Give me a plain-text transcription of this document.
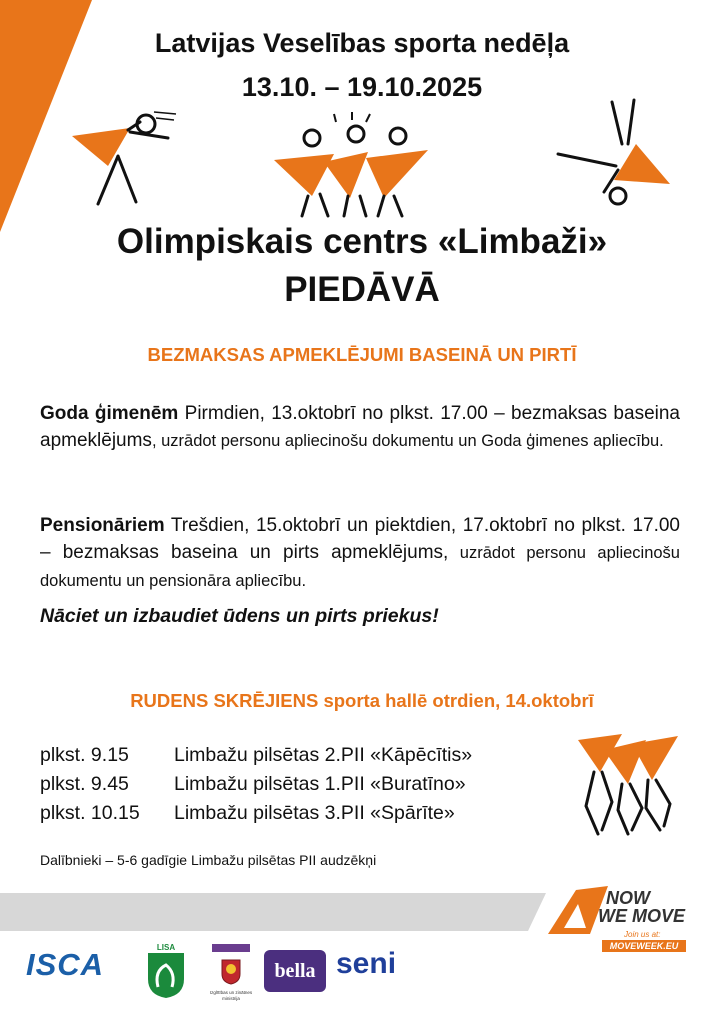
Latvijas Veselības sporta nedēļa
13.10. – 19.10.2025
Olimpiskais centrs «Limbaži»
PIEDĀVĀ
BEZMAKSAS APMEKLĒJUMI BASEINĀ UN PIRTĪ
Goda ģimenēm Pirmdien, 13.oktobrī no plkst. 17.00 – bezmaksas baseina apmeklējums, uzrādot personu apliecinošu dokumentu un Goda ģimenes apliecību.
Pensionāriem Trešdien, 15.oktobrī un piektdien, 17.oktobrī no plkst. 17.00 – bezmaksas baseina un pirts apmeklējums, uzrādot personu apliecinošu dokumentu un pensionāra apliecību.
Nāciet un izbaudiet ūdens un pirts priekus!
RUDENS SKRĒJIENS sporta hallē otrdien, 14.oktobrī
plkst. 9.15 Limbažu pilsētas 2.PII «Kāpēcītis»
plkst. 9.45 Limbažu pilsētas 1.PII «Buratīno»
plkst. 10.15 Limbažu pilsētas 3.PII «Spārīte»
Dalībnieki – 5-6 gadīgie Limbažu pilsētas PII audzēkņi
NOW
WE MOVE
Join us at:
MOVEWEEK.EU
ISCA	LISA
Izglītības un zinātnes
ministrija
bella seni
